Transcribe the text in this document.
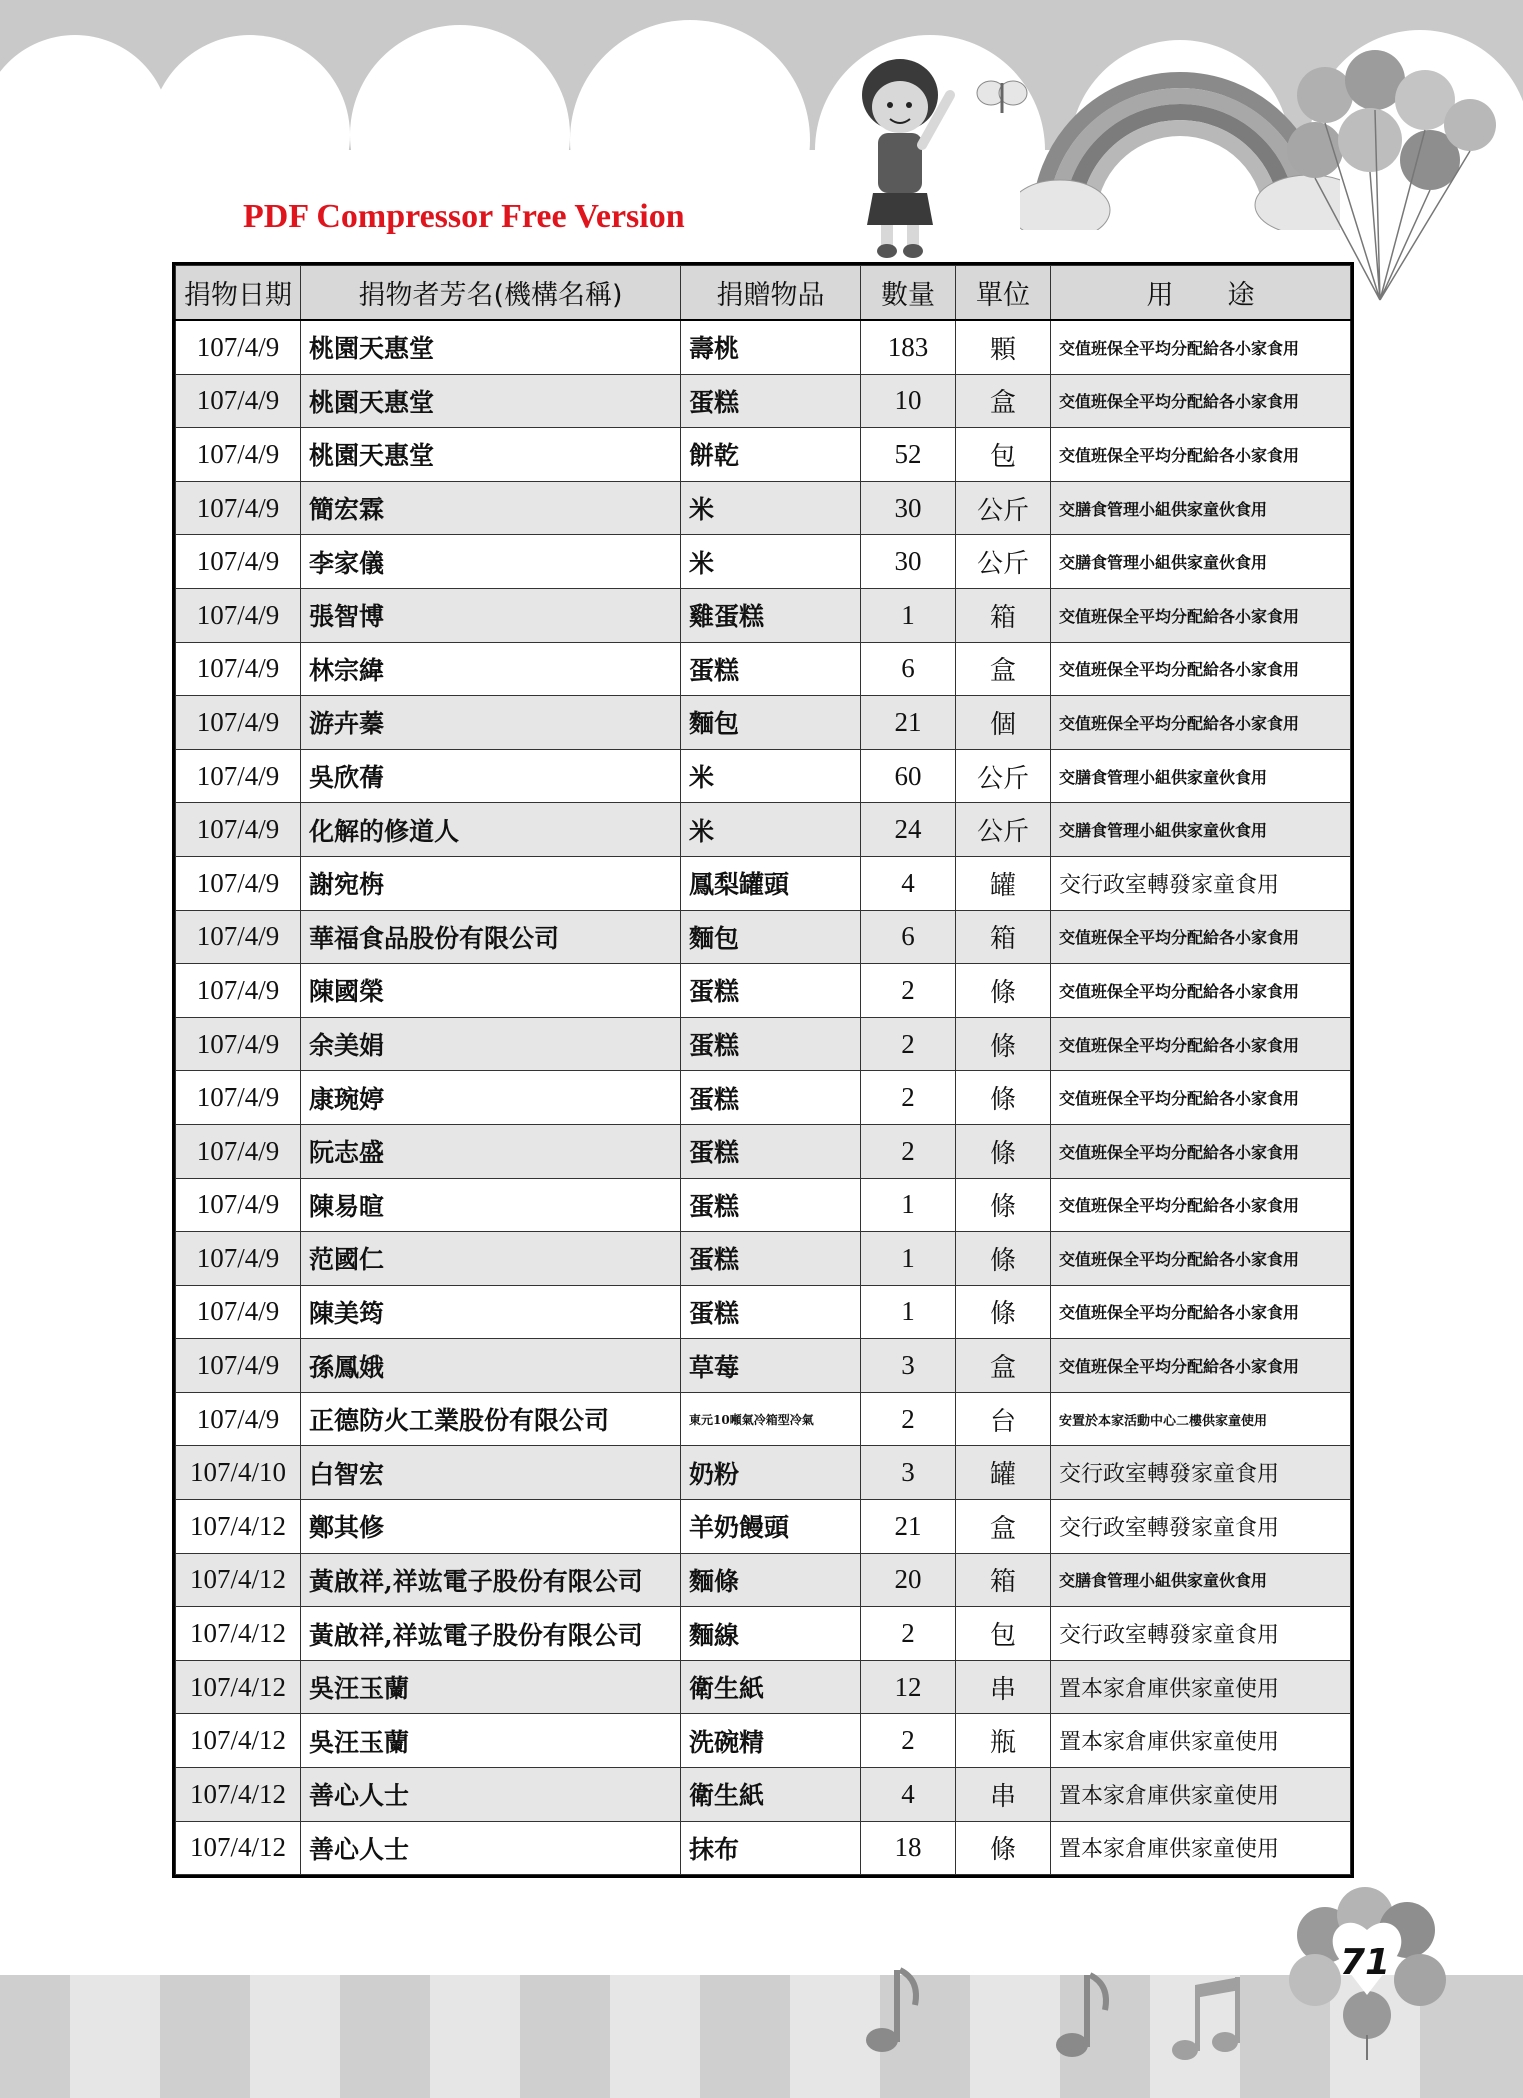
PDF Compressor Free Version
捐物日期	捐物者芳名(機構名稱)	捐贈物品	數量	單位	用　　途
107/4/9	桃園天惠堂	壽桃	183	顆	交值班保全平均分配給各小家食用
107/4/9	桃園天惠堂	蛋糕	10	盒	交值班保全平均分配給各小家食用
107/4/9	桃園天惠堂	餅乾	52	包	交值班保全平均分配給各小家食用
107/4/9	簡宏霖	米	30	公斤	交膳食管理小組供家童伙食用
107/4/9	李家儀	米	30	公斤	交膳食管理小組供家童伙食用
107/4/9	張智博	雞蛋糕	1	箱	交值班保全平均分配給各小家食用
107/4/9	林宗緯	蛋糕	6	盒	交值班保全平均分配給各小家食用
107/4/9	游卉蓁	麵包	21	個	交值班保全平均分配給各小家食用
107/4/9	吳欣蒨	米	60	公斤	交膳食管理小組供家童伙食用
107/4/9	化解的修道人	米	24	公斤	交膳食管理小組供家童伙食用
107/4/9	謝宛栴	鳳梨罐頭	4	罐	交行政室轉發家童食用
107/4/9	華福食品股份有限公司	麵包	6	箱	交值班保全平均分配給各小家食用
107/4/9	陳國榮	蛋糕	2	條	交值班保全平均分配給各小家食用
107/4/9	余美娟	蛋糕	2	條	交值班保全平均分配給各小家食用
107/4/9	康琬婷	蛋糕	2	條	交值班保全平均分配給各小家食用
107/4/9	阮志盛	蛋糕	2	條	交值班保全平均分配給各小家食用
107/4/9	陳易暄	蛋糕	1	條	交值班保全平均分配給各小家食用
107/4/9	范國仁	蛋糕	1	條	交值班保全平均分配給各小家食用
107/4/9	陳美筠	蛋糕	1	條	交值班保全平均分配給各小家食用
107/4/9	孫鳳娥	草莓	3	盒	交值班保全平均分配給各小家食用
107/4/9	正德防火工業股份有限公司	東元10噸氣冷箱型冷氣	2	台	安置於本家活動中心二樓供家童使用
107/4/10	白智宏	奶粉	3	罐	交行政室轉發家童食用
107/4/12	鄭其修	羊奶饅頭	21	盒	交行政室轉發家童食用
107/4/12	黃啟祥,祥竑電子股份有限公司	麵條	20	箱	交膳食管理小組供家童伙食用
107/4/12	黃啟祥,祥竑電子股份有限公司	麵線	2	包	交行政室轉發家童食用
107/4/12	吳汪玉蘭	衛生紙	12	串	置本家倉庫供家童使用
107/4/12	吳汪玉蘭	洗碗精	2	瓶	置本家倉庫供家童使用
107/4/12	善心人士	衛生紙	4	串	置本家倉庫供家童使用
107/4/12	善心人士	抹布	18	條	置本家倉庫供家童使用
71
